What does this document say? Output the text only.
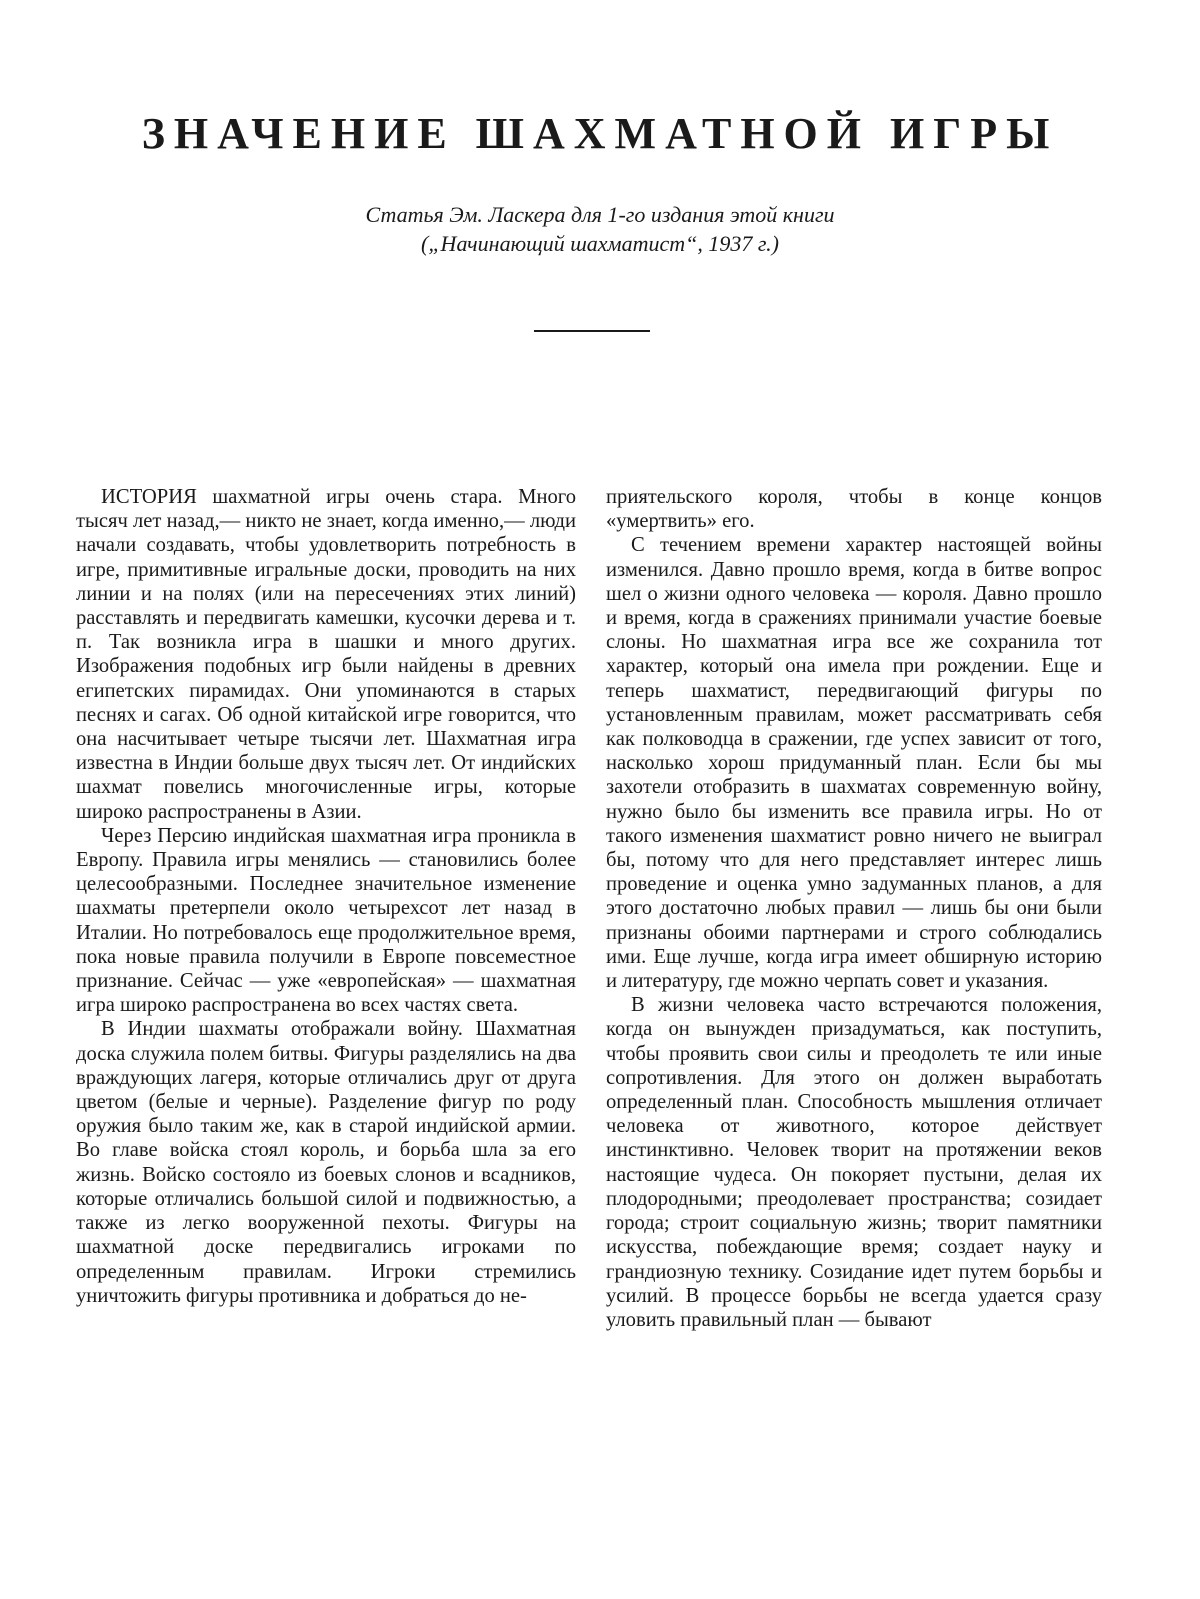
ЗНАЧЕНИЕ ШАХМАТНОЙ ИГРЫ
Статья Эм. Ласкера для 1-го издания этой книги
(„Начинающий шахматист“, 1937 г.)

ИСТОРИЯ шахматной игры очень стара. Много тысяч лет назад,— никто не знает, когда именно,— люди начали создавать, чтобы удовлетворить потребность в игре, примитивные игральные доски, проводить на них линии и на полях (или на пересечениях этих линий) расставлять и передвигать камешки, кусочки дерева и т. п. Так возникла игра в шашки и много других. Изображения подобных игр были найдены в древних египетских пирамидах. Они упоминаются в старых песнях и сагах. Об одной китайской игре говорится, что она насчитывает четыре тысячи лет. Шахматная игра известна в Индии больше двух тысяч лет. От индийских шахмат повелись многочисленные игры, которые широко распространены в Азии.

Через Персию индийская шахматная игра проникла в Европу. Правила игры менялись — становились более целесообразными. Последнее значительное изменение шахматы претерпели около четырехсот лет назад в Италии. Но потребовалось еще продолжительное время, пока новые правила получили в Европе повсеместное признание. Сейчас — уже «европейская» — шахматная игра широко распространена во всех частях света.

В Индии шахматы отображали войну. Шахматная доска служила полем битвы. Фигуры разделялись на два враждующих лагеря, которые отличались друг от друга цветом (белые и черные). Разделение фигур по роду оружия было таким же, как в старой индийской армии. Во главе войска стоял король, и борьба шла за его жизнь. Войско состояло из боевых слонов и всадников, которые отличались большой силой и подвижностью, а также из легко вооруженной пехоты. Фигуры на шахматной доске передвигались игроками по определенным правилам. Игроки стремились уничтожить фигуры противника и добраться до не-

приятельского короля, чтобы в конце концов «умертвить» его.

С течением времени характер настоящей войны изменился. Давно прошло время, когда в битве вопрос шел о жизни одного человека — короля. Давно прошло и время, когда в сражениях принимали участие боевые слоны. Но шахматная игра все же сохранила тот характер, который она имела при рождении. Еще и теперь шахматист, передвигающий фигуры по установленным правилам, может рассматривать себя как полководца в сражении, где успех зависит от того, насколько хорош придуманный план. Если бы мы захотели отобразить в шахматах современную войну, нужно было бы изменить все правила игры. Но от такого изменения шахматист ровно ничего не выиграл бы, потому что для него представляет интерес лишь проведение и оценка умно задуманных планов, а для этого достаточно любых правил — лишь бы они были признаны обоими партнерами и строго соблюдались ими. Еще лучше, когда игра имеет обширную историю и литературу, где можно черпать совет и указания.

В жизни человека часто встречаются положения, когда он вынужден призадуматься, как поступить, чтобы проявить свои силы и преодолеть те или иные сопротивления. Для этого он должен выработать определенный план. Способность мышления отличает человека от животного, которое действует инстинктивно. Человек творит на протяжении веков настоящие чудеса. Он покоряет пустыни, делая их плодородными; преодолевает пространства; созидает города; строит социальную жизнь; творит памятники искусства, побеждающие время; создает науку и грандиозную технику. Созидание идет путем борьбы и усилий. В процессе борьбы не всегда удается сразу уловить правильный план — бывают
